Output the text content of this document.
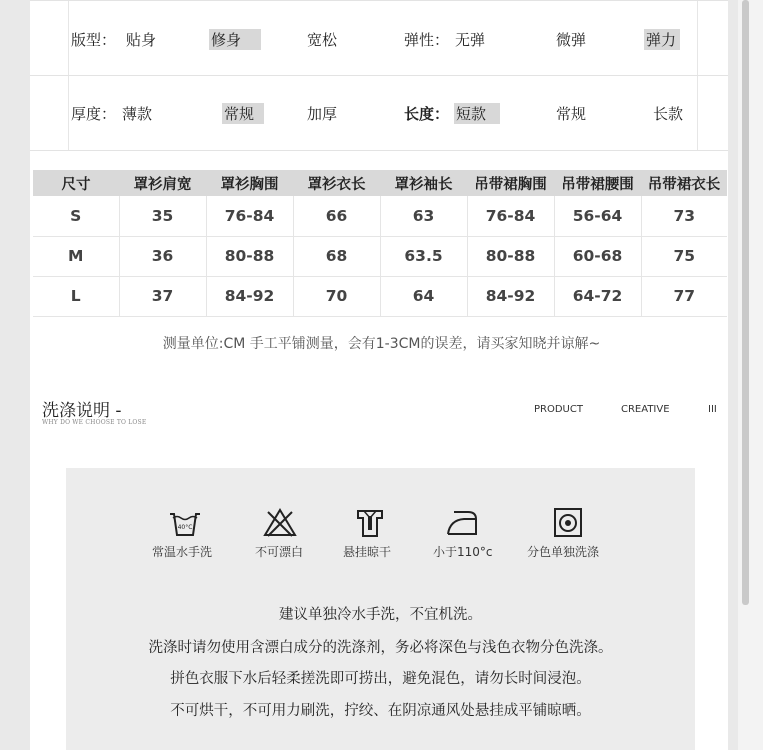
版型： 贴身	修身	宽松	弹性： 无弹	微弹	弹力
厚度： 薄款	常规	加厚	长度： 短款	常规	长款
尺寸	罩衫肩宽	罩衫胸围	罩衫衣长	罩衫袖长	吊带裙胸围	吊带裙腰围	吊带裙衣长
S	35	76-84	66	63	76-84	56-64	73
M	36	80-88	68	63.5	80-88	60-68	75
L	37	84-92	70	64	84-92	64-72	77
测量单位:CM 手工平铺测量，会有1-3CM的误差，请买家知晓并谅解~
洗涤说明 -
WHY DO WE CHOOSE TO LOSE
PRODUCT	CREATIVE	III
40°C
常温水手洗	不可漂白	悬挂晾干	小于110°c	分色单独洗涤
建议单独冷水手洗，不宜机洗。
洗涤时请勿使用含漂白成分的洗涤剂，务必将深色与浅色衣物分色洗涤。
拼色衣服下水后轻柔搓洗即可捞出，避免混色，请勿长时间浸泡。
不可烘干，不可用力刷洗，拧绞、在阴凉通风处悬挂成平铺晾晒。
